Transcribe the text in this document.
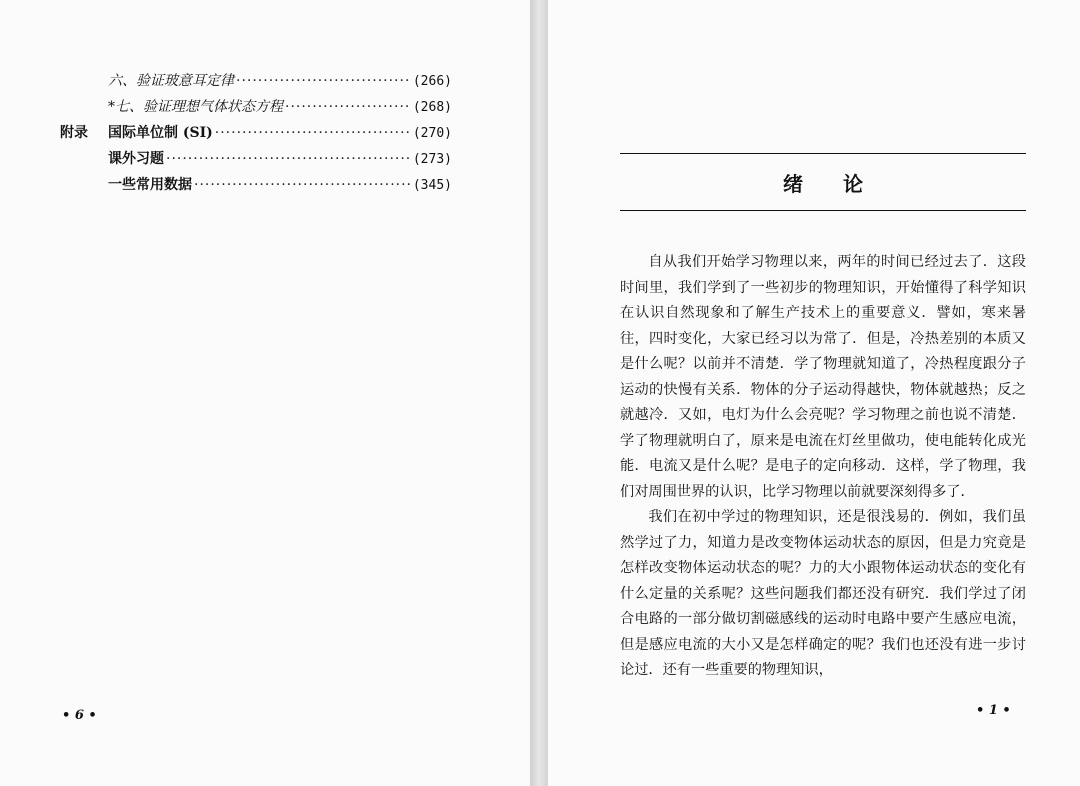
六、验证玻意耳定律 ·····	(266)
*七、验证理想气体状态方程 ·····	(268)
附录	国际单位制 (SI) ·····	(270)
课外习题 ·····	(273)
一些常用数据 ·····	(345)
• 6 •
绪论

自从我们开始学习物理以来，两年的时间已经过去了．这段时间里，我们学到了一些初步的物理知识，开始懂得了科学知识在认识自然现象和了解生产技术上的重要意义．譬如，寒来暑往，四时变化，大家已经习以为常了．但是，冷热差别的本质又是什么呢？以前并不清楚．学了物理就知道了，冷热程度跟分子运动的快慢有关系．物体的分子运动得越快，物体就越热；反之就越冷．又如，电灯为什么会亮呢？学习物理之前也说不清楚．学了物理就明白了，原来是电流在灯丝里做功，使电能转化成光能．电流又是什么呢？是电子的定向移动．这样，学了物理，我们对周围世界的认识，比学习物理以前就要深刻得多了．

我们在初中学过的物理知识，还是很浅易的．例如，我们虽然学过了力，知道力是改变物体运动状态的原因，但是力究竟是怎样改变物体运动状态的呢？力的大小跟物体运动状态的变化有什么定量的关系呢？这些问题我们都还没有研究．我们学过了闭合电路的一部分做切割磁感线的运动时电路中要产生感应电流，但是感应电流的大小又是怎样确定的呢？我们也还没有进一步讨论过．还有一些重要的物理知识，

• 1 •
